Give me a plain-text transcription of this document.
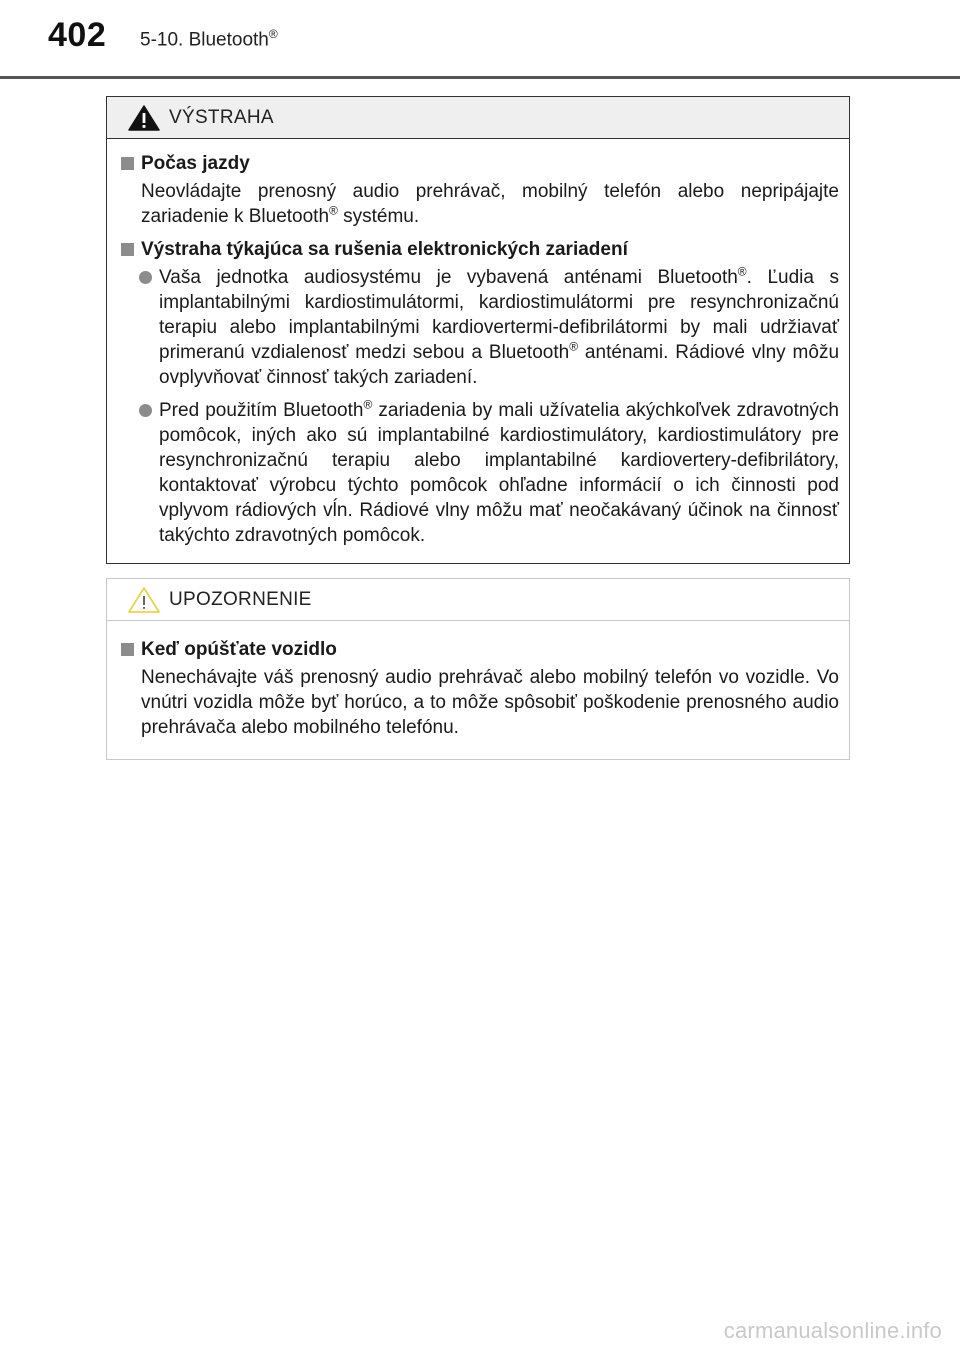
402 5-10. Bluetooth®
VÝSTRAHA
Počas jazdy
Neovládajte prenosný audio prehrávač, mobilný telefón alebo nepripájajte zariadenie k Bluetooth® systému.
Výstraha týkajúca sa rušenia elektronických zariadení
Vaša jednotka audiosystému je vybavená anténami Bluetooth®. Ľudia s implantabilnými kardiostimulátormi, kardiostimulátormi pre resynchronizačnú terapiu alebo implantabilnými kardiovertermi-defibrilátormi by mali udržiavať primeranú vzdialenosť medzi sebou a Bluetooth® anténami. Rádiové vlny môžu ovplyvňovať činnosť takých zariadení.
Pred použitím Bluetooth® zariadenia by mali užívatelia akýchkoľvek zdravotných pomôcok, iných ako sú implantabilné kardiostimulátory, kardiostimulátory pre resynchronizačnú terapiu alebo implantabilné kardiovertery-defibrilátory, kontaktovať výrobcu týchto pomôcok ohľadne informácií o ich činnosti pod vplyvom rádiových vĺn. Rádiové vlny môžu mať neočakávaný účinok na činnosť takýchto zdravotných pomôcok.
UPOZORNENIE
Keď opúšťate vozidlo
Nenechávajte váš prenosný audio prehrávač alebo mobilný telefón vo vozidle. Vo vnútri vozidla môže byť horúco, a to môže spôsobiť poškodenie prenosného audio prehrávača alebo mobilného telefónu.
carmanualsonline.info
